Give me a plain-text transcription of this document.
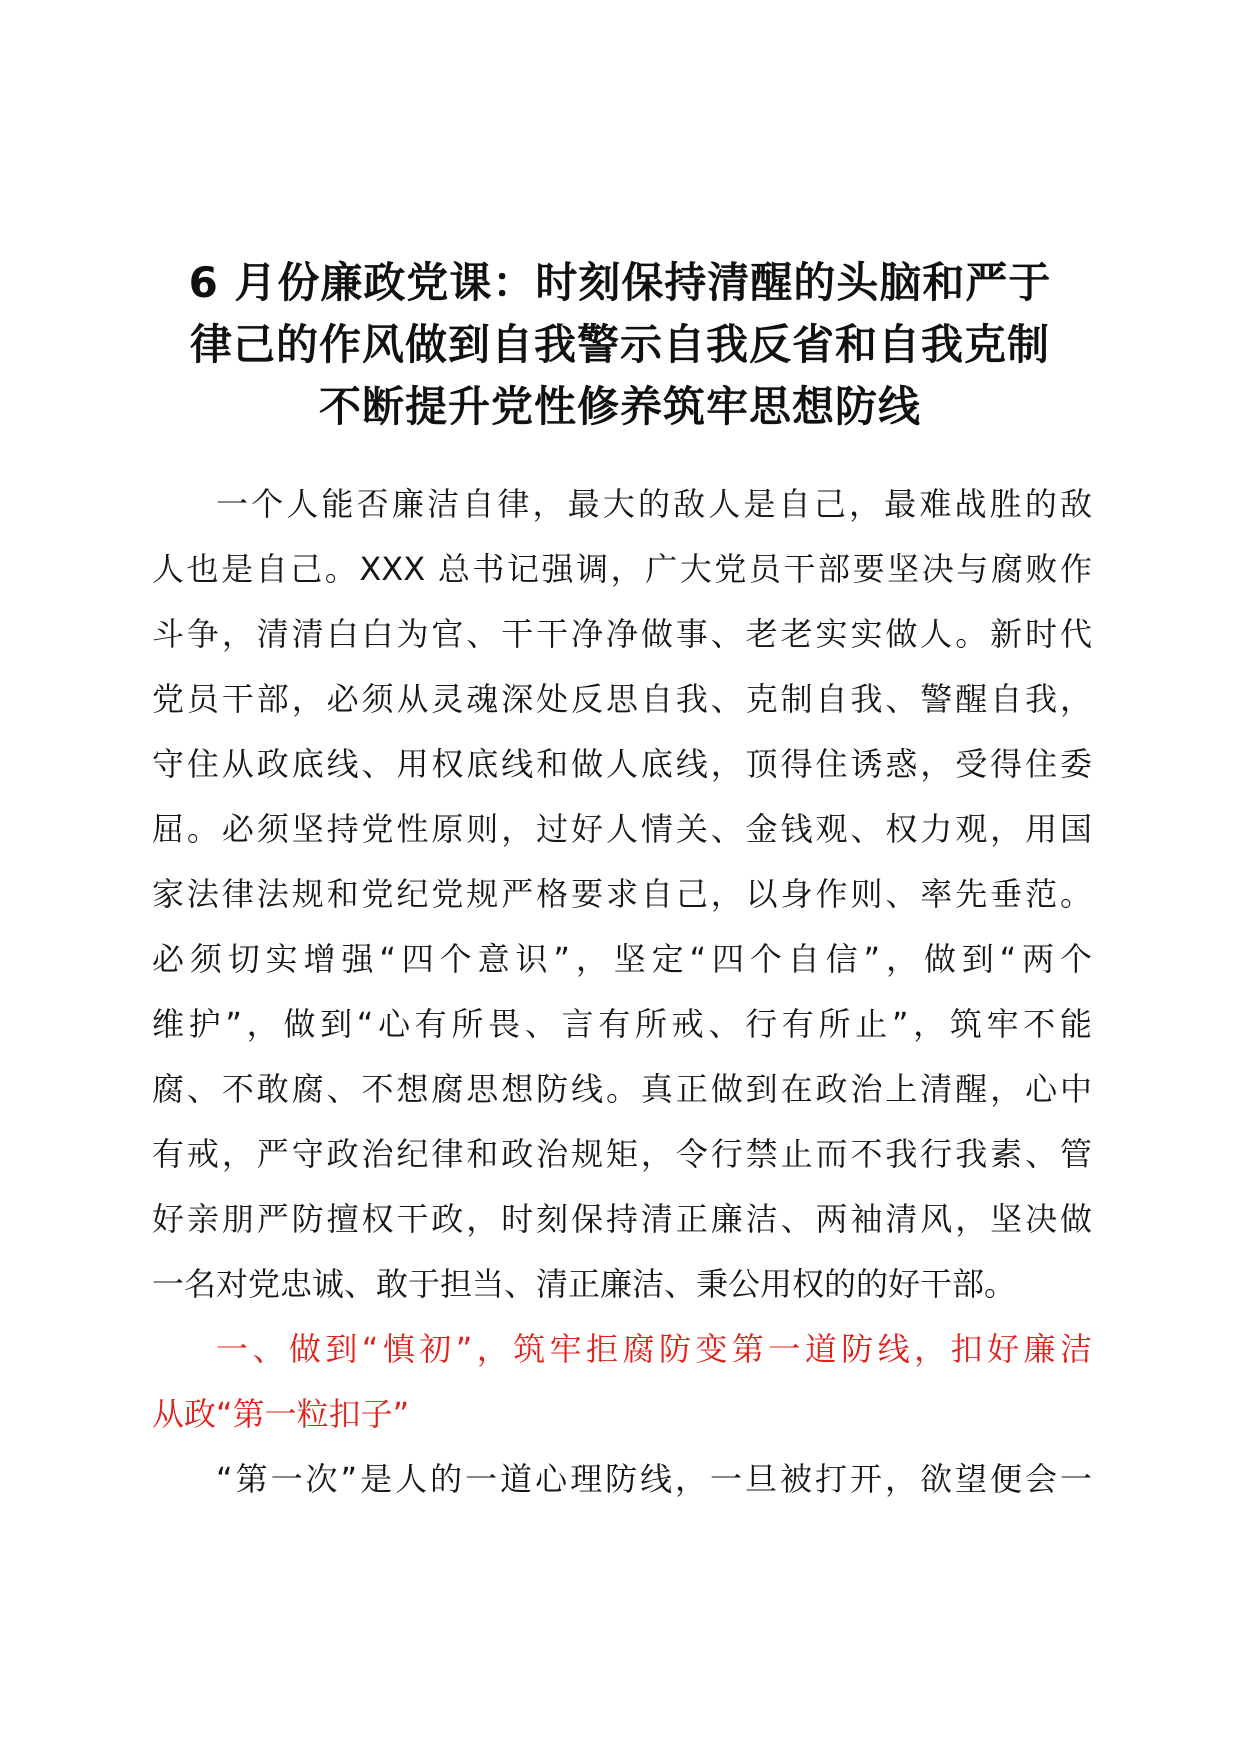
6 月份廉政党课：时刻保持清醒的头脑和严于
律己的作风做到自我警示自我反省和自我克制
不断提升党性修养筑牢思想防线
一个人能否廉洁自律，最大的敌人是自己，最难战胜的敌
人也是自己。XXX 总书记强调，广大党员干部要坚决与腐败作
斗争，清清白白为官、干干净净做事、老老实实做人。新时代
党员干部，必须从灵魂深处反思自我、克制自我、警醒自我，
守住从政底线、用权底线和做人底线，顶得住诱惑，受得住委
屈。必须坚持党性原则，过好人情关、金钱观、权力观，用国
家法律法规和党纪党规严格要求自己，以身作则、率先垂范。
必须切实增强“四个意识”，坚定“四个自信”，做到“两个
维护”，做到“心有所畏、言有所戒、行有所止”，筑牢不能
腐、不敢腐、不想腐思想防线。真正做到在政治上清醒，心中
有戒，严守政治纪律和政治规矩，令行禁止而不我行我素、管
好亲朋严防擅权干政，时刻保持清正廉洁、两袖清风，坚决做
一名对党忠诚、敢于担当、清正廉洁、秉公用权的的好干部。
一、做到“慎初”，筑牢拒腐防变第一道防线，扣好廉洁
从政“第一粒扣子”
“第一次”是人的一道心理防线，一旦被打开，欲望便会一
